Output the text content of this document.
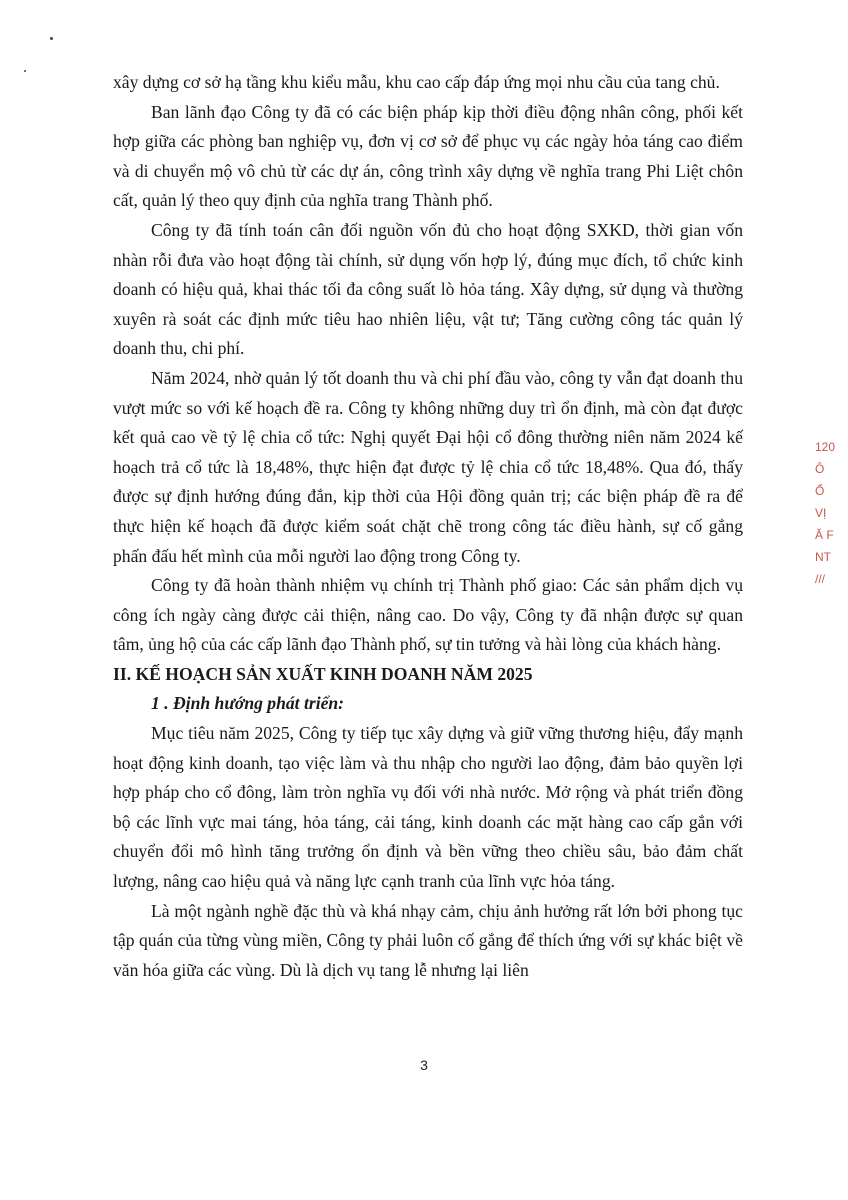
xây dựng cơ sở hạ tầng khu kiểu mẫu, khu cao cấp đáp ứng mọi nhu cầu của tang chủ.

Ban lãnh đạo Công ty đã có các biện pháp kịp thời điều động nhân công, phối kết hợp giữa các phòng ban nghiệp vụ, đơn vị cơ sở để phục vụ các ngày hỏa táng cao điểm và di chuyển mộ vô chủ từ các dự án, công trình xây dựng về nghĩa trang Phi Liệt chôn cất, quản lý theo quy định của nghĩa trang Thành phố.

Công ty đã tính toán cân đối nguồn vốn đủ cho hoạt động SXKD, thời gian vốn nhàn rỗi đưa vào hoạt động tài chính, sử dụng vốn hợp lý, đúng mục đích, tổ chức kinh doanh có hiệu quả, khai thác tối đa công suất lò hỏa táng. Xây dựng, sử dụng và thường xuyên rà soát các định mức tiêu hao nhiên liệu, vật tư; Tăng cường công tác quản lý doanh thu, chi phí.

Năm 2024, nhờ quản lý tốt doanh thu và chi phí đầu vào, công ty vẫn đạt doanh thu vượt mức so với kế hoạch đề ra. Công ty không những duy trì ổn định, mà còn đạt được kết quả cao về tỷ lệ chia cổ tức: Nghị quyết Đại hội cổ đông thường niên năm 2024 kế hoạch trả cổ tức là 18,48%, thực hiện đạt được tỷ lệ chia cổ tức 18,48%. Qua đó, thấy được sự định hướng đúng đắn, kịp thời của Hội đồng quản trị; các biện pháp đề ra để thực hiện kế hoạch đã được kiểm soát chặt chẽ trong công tác điều hành, sự cố gắng phấn đấu hết mình của mỗi người lao động trong Công ty.

Công ty đã hoàn thành nhiệm vụ chính trị Thành phố giao: Các sản phẩm dịch vụ công ích ngày càng được cải thiện, nâng cao. Do vậy, Công ty đã nhận được sự quan tâm, ủng hộ của các cấp lãnh đạo Thành phố, sự tin tưởng và hài lòng của khách hàng.

II. KẾ HOẠCH SẢN XUẤT KINH DOANH NĂM 2025

1 . Định hướng phát triển:

Mục tiêu năm 2025, Công ty tiếp tục xây dựng và giữ vững thương hiệu, đẩy mạnh hoạt động kinh doanh, tạo việc làm và thu nhập cho người lao động, đảm bảo quyền lợi hợp pháp cho cổ đông, làm tròn nghĩa vụ đối với nhà nước. Mở rộng và phát triển đồng bộ các lĩnh vực mai táng, hỏa táng, cải táng, kinh doanh các mặt hàng cao cấp gắn với chuyển đổi mô hình tăng trưởng ổn định và bền vững theo chiều sâu, bảo đảm chất lượng, nâng cao hiệu quả và năng lực cạnh tranh của lĩnh vực hỏa táng.

Là một ngành nghề đặc thù và khá nhạy cảm, chịu ảnh hưởng rất lớn bởi phong tục tập quán của từng vùng miền, Công ty phải luôn cố gắng để thích ứng với sự khác biệt về văn hóa giữa các vùng. Dù là dịch vụ tang lễ nhưng lại liên

120
Ô
Ổ
VỊ
Ă F
NT
///
3
